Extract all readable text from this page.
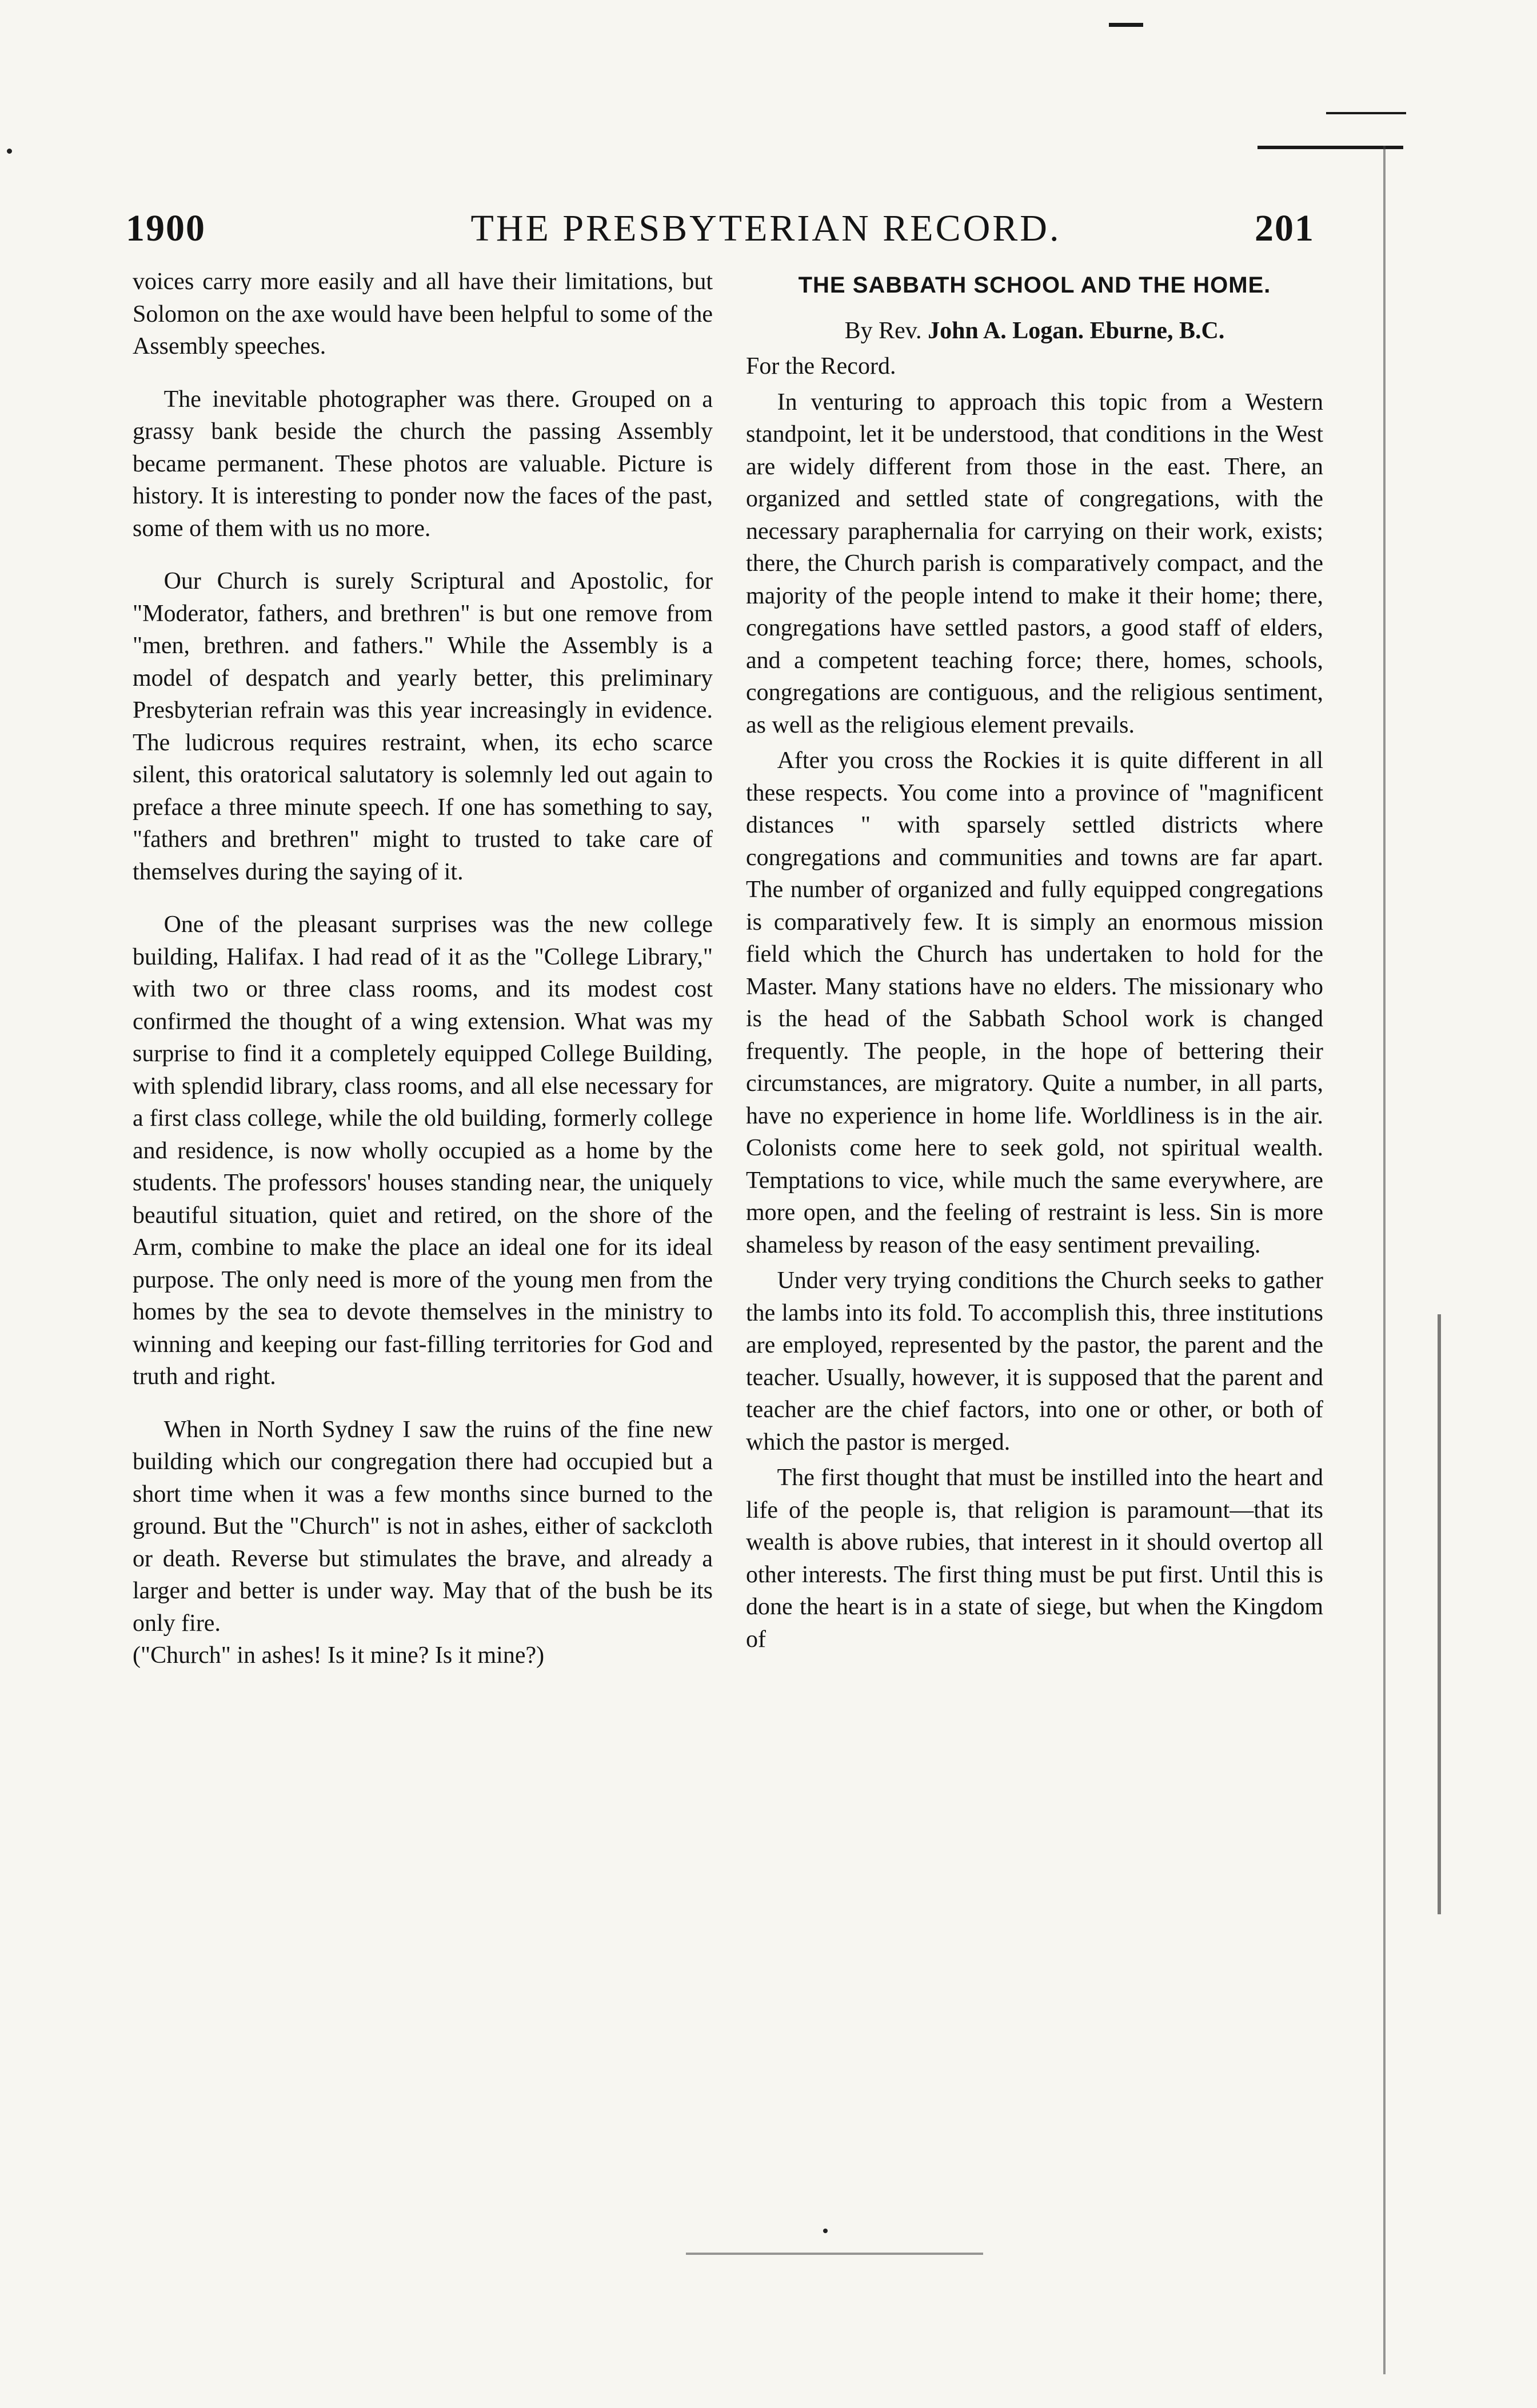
1900	THE PRESBYTERIAN RECORD.	201

voices carry more easily and all have their limitations, but Solomon on the axe would have been helpful to some of the Assembly speeches.

The inevitable photographer was there. Grouped on a grassy bank beside the church the passing Assembly became permanent. These photos are valuable. Picture is history. It is interesting to ponder now the faces of the past, some of them with us no more.

Our Church is surely Scriptural and Apostolic, for "Moderator, fathers, and brethren" is but one remove from "men, brethren. and fathers." While the Assembly is a model of despatch and yearly better, this preliminary Presbyterian refrain was this year increasingly in evidence. The ludicrous requires restraint, when, its echo scarce silent, this oratorical salutatory is solemnly led out again to preface a three minute speech. If one has something to say, "fathers and brethren" might to trusted to take care of themselves during the saying of it.

One of the pleasant surprises was the new college building, Halifax. I had read of it as the "College Library," with two or three class rooms, and its modest cost confirmed the thought of a wing extension. What was my surprise to find it a completely equipped College Building, with splendid library, class rooms, and all else necessary for a first class college, while the old building, formerly college and residence, is now wholly occupied as a home by the students. The professors' houses standing near, the uniquely beautiful situation, quiet and retired, on the shore of the Arm, combine to make the place an ideal one for its ideal purpose. The only need is more of the young men from the homes by the sea to devote themselves in the ministry to winning and keeping our fast-filling territories for God and truth and right.

When in North Sydney I saw the ruins of the fine new building which our congregation there had occupied but a short time when it was a few months since burned to the ground. But the "Church" is not in ashes, either of sackcloth or death. Reverse but stimulates the brave, and already a larger and better is under way. May that of the bush be its only fire.

("Church" in ashes! Is it mine? Is it mine?)

THE SABBATH SCHOOL AND THE HOME.
By Rev. John A. Logan. Eburne, B.C.

For the Record.

In venturing to approach this topic from a Western standpoint, let it be understood, that conditions in the West are widely different from those in the east. There, an organized and settled state of congregations, with the necessary paraphernalia for carrying on their work, exists; there, the Church parish is comparatively compact, and the majority of the people intend to make it their home; there, congregations have settled pastors, a good staff of elders, and a competent teaching force; there, homes, schools, congregations are contiguous, and the religious sentiment, as well as the religious element prevails.

After you cross the Rockies it is quite different in all these respects. You come into a province of "magnificent distances " with sparsely settled districts where congregations and communities and towns are far apart. The number of organized and fully equipped congregations is comparatively few. It is simply an enormous mission field which the Church has undertaken to hold for the Master. Many stations have no elders. The missionary who is the head of the Sabbath School work is changed frequently. The people, in the hope of bettering their circumstances, are migratory. Quite a number, in all parts, have no experience in home life. Worldliness is in the air. Colonists come here to seek gold, not spiritual wealth. Temptations to vice, while much the same everywhere, are more open, and the feeling of restraint is less. Sin is more shameless by reason of the easy sentiment prevailing.

Under very trying conditions the Church seeks to gather the lambs into its fold. To accomplish this, three institutions are employed, represented by the pastor, the parent and the teacher. Usually, however, it is supposed that the parent and teacher are the chief factors, into one or other, or both of which the pastor is merged.

The first thought that must be instilled into the heart and life of the people is, that religion is paramount—that its wealth is above rubies, that interest in it should overtop all other interests. The first thing must be put first. Until this is done the heart is in a state of siege, but when the Kingdom of
